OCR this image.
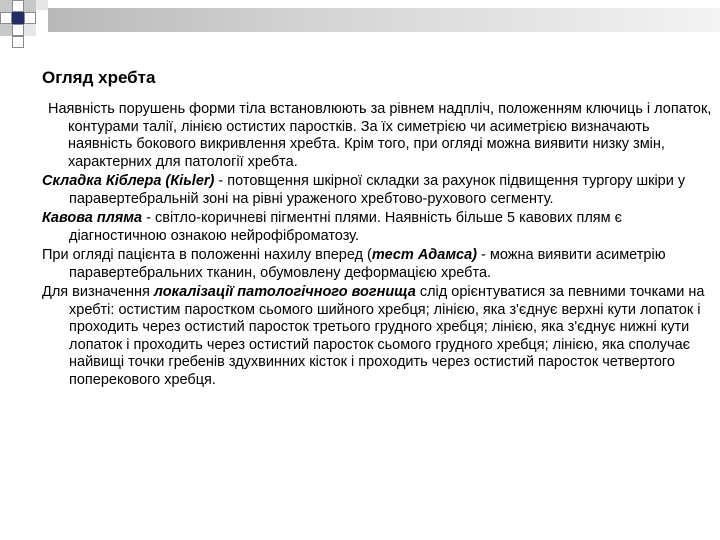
Огляд хребта

Наявність порушень форми тіла встановлюють за рівнем надпліч, положенням ключиць і лопаток, контурами талії, лінією остистих паростків. За їх симетрією чи асиметрією визначають наявність бокового викривлення хребта. Крім того, при огляді можна виявити низку змін, характерних для патології хребта.

Складка Кіблера (Кiьler) - потовщення шкірної складки за рахунок підвищення тургору шкіри у паравертебральній зоні на рівні ураженого хребтово-рухового сегменту.

Кавова пляма - світло-коричневі пігментні плями. Наявність більше 5 кавових плям є діагностичною ознакою нейрофіброматозу.

При огляді пацієнта в положенні нахилу вперед (тест Адамса) - можна виявити асиметрію паравертебральних тканин, обумовлену деформацією хребта.

Для визначення локалізації патологічного вогнища слід орієнтуватися за певними точками на хребті: остистим паростком сьомого шийного хребця; лінією, яка з'єднує верхні кути лопаток і проходить через остистий паросток третього грудного хребця; лінією, яка з'єднує нижні кути лопаток і проходить через остистий паросток сьомого грудного хребця; лінією, яка сполучає найвищі точки гребенів здухвинних кісток і проходить через остистий паросток четвертого поперекового хребця.
